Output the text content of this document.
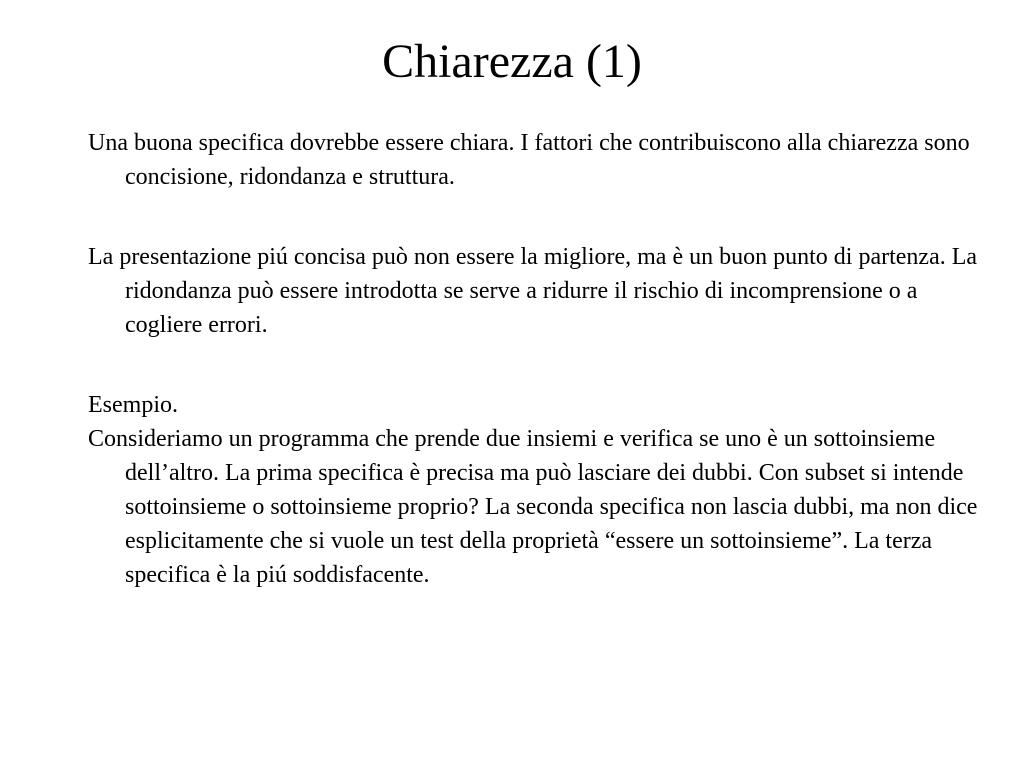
Chiarezza (1)

Una buona specifica dovrebbe essere chiara. I fattori che contribuiscono alla chiarezza sono concisione, ridondanza e struttura.

La presentazione piú concisa può non essere la migliore, ma è un buon punto di partenza. La ridondanza può essere introdotta se serve a ridurre il rischio di incomprensione o a cogliere errori.

Esempio.

Consideriamo un programma che prende due insiemi e verifica se uno è un sottoinsieme dell’altro. La prima specifica è precisa ma può lasciare dei dubbi. Con subset si intende sottoinsieme o sottoinsieme proprio? La seconda specifica non lascia dubbi, ma non dice esplicitamente che si vuole un test della proprietà “essere un sottoinsieme”. La terza specifica è la piú soddisfacente.
